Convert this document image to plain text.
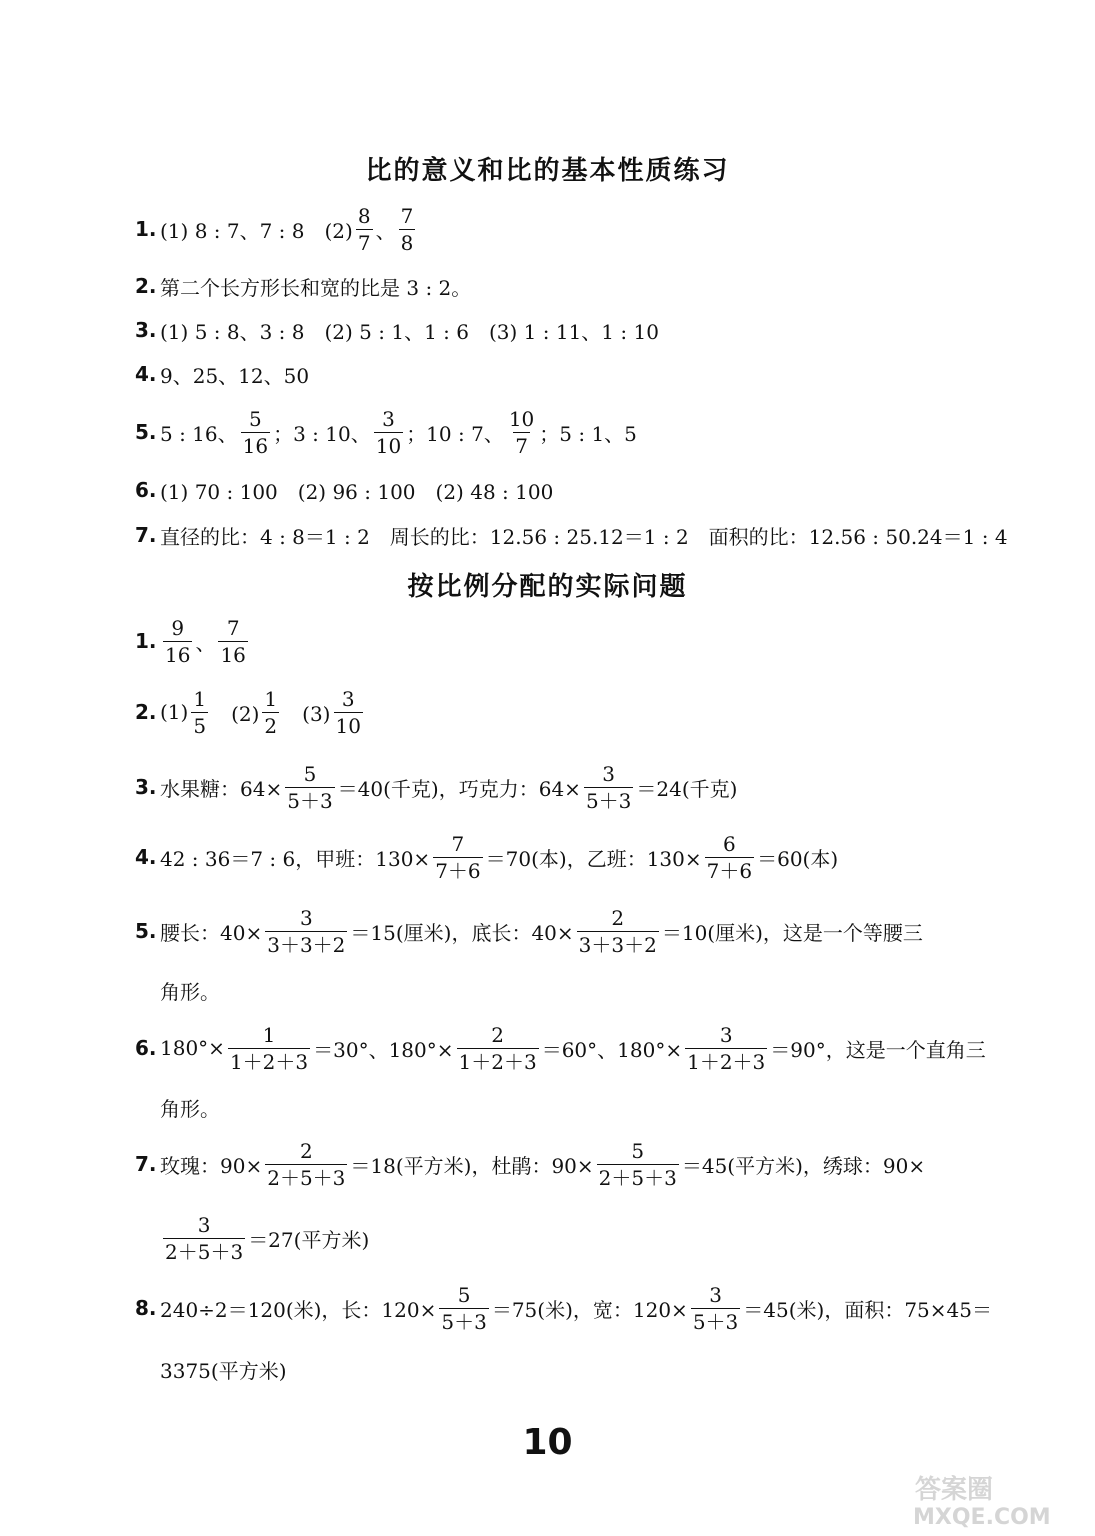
比的意义和比的基本性质练习
1. (1) 8 : 7、7 : 8　$(2) \frac{8}{7}$ 、 $\frac{7}{8}$
2. 第二个长方形长和宽的比是 3 : 2。
3. (1) 5 : 8、3 : 8　(2) 5 : 1、1 : 6　(3) 1 : 11、1 : 10
4. 9、25、12、50
5. 5 : 16、 $\frac{5}{16}$ ；3 : 10、 $\frac{3}{10}$ ；10 : 7、 $\frac{10}{7}$ ；5 : 1、5
6. (1) 70 : 100　(2) 96 : 100　(2) 48 : 100
7. 直径的比：4 : 8＝1 : 2　周长的比：12.56 : 25.12＝1 : 2　面积的比：12.56 : 50.24＝1 : 4
按比例分配的实际问题
1. $\frac{9}{16}$ 、 $\frac{7}{16}$
2. $(1) \frac{1}{5}$ 　$(2) \frac{1}{2}$ 　$(3) \frac{3}{10}$
3. 水果糖：$64\times \frac{5}{5+3} =40$(千克)，巧克力：$64\times \frac{3}{5+3} =24$(千克)
4. 42 : 36＝7 : 6，甲班：$130\times \frac{7}{7+6} =70$(本)，乙班：$130\times \frac{6}{7+6} =60$(本)
5. 腰长：$40\times \frac{3}{3+3+2} =15$(厘米)，底长：$40\times \frac{2}{3+3+2} =10$(厘米)，这是一个等腰三
角形。
6. $180^\circ\times \frac{1}{1+2+3} =30^\circ$、$180^\circ\times \frac{2}{1+2+3} =60^\circ$、$180^\circ\times \frac{3}{1+2+3} =90^\circ$，这是一个直角三
角形。
7. 玫瑰：$90\times \frac{2}{2+5+3} =18$(平方米)，杜鹃：$90\times \frac{5}{2+5+3} =45$(平方米)，绣球：90×
$\frac{3}{2+5+3} =27$(平方米)
8. 240÷2＝120(米)，长：$120\times \frac{5}{5+3} =75$(米)，宽：$120\times \frac{3}{5+3} =45$(米)，面积：75×45＝
3375(平方米)
10
答案圈
MXQE.COM
